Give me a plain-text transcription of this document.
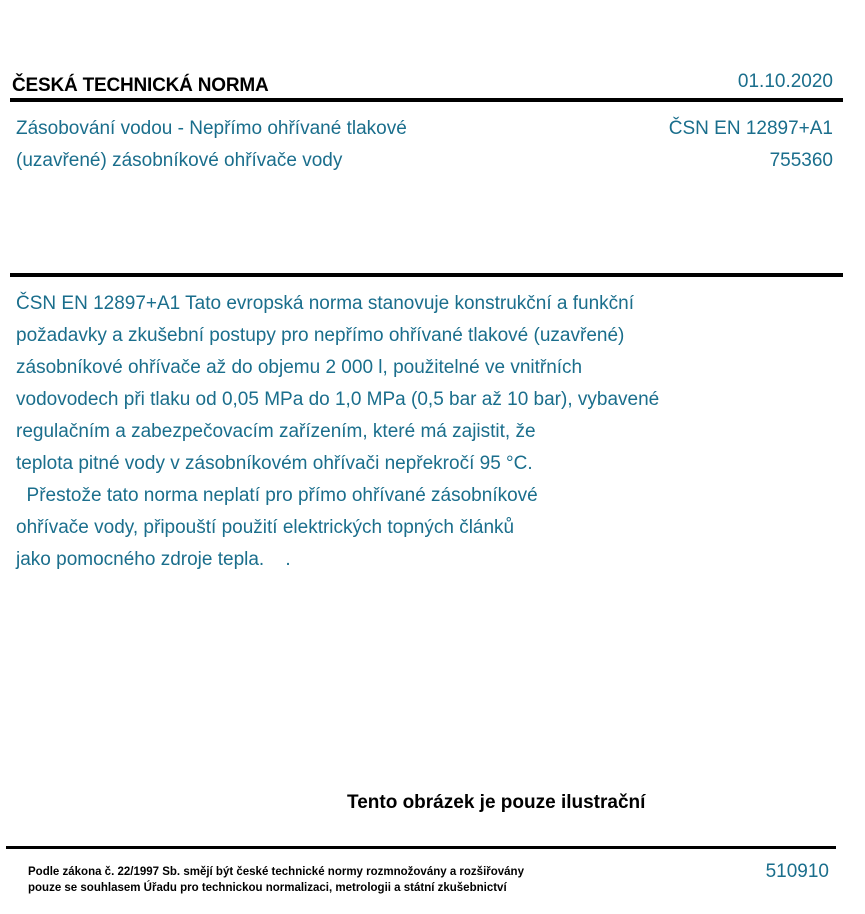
ČESKÁ TECHNICKÁ NORMA	01.10.2020
Zásobování vodou - Nepřímo ohřívané tlakové
(uzavřené) zásobníkové ohřívače vody
ČSN EN 12897+A1
755360

ČSN EN 12897+A1 Tato evropská norma stanovuje konstrukční a funkční

požadavky a zkušební postupy pro nepřímo ohřívané tlakové (uzavřené)

zásobníkové ohřívače až do objemu 2 000 l, použitelné ve vnitřních

vodovodech při tlaku od 0,05 MPa do 1,0 MPa (0,5 bar až 10 bar), vybavené

regulačním a zabezpečovacím zařízením, které má zajistit, že

teplota pitné vody v zásobníkovém ohřívači nepřekročí 95 °C.

Přestože tato norma neplatí pro přímo ohřívané zásobníkové

ohřívače vody, připouští použití elektrických topných článků

jako pomocného zdroje tepla.    .

Tento obrázek je pouze ilustrační
Podle zákona č. 22/1997 Sb. smějí být české technické normy rozmnožovány a rozšiřovány
pouze se souhlasem Úřadu pro technickou normalizaci, metrologii a státní zkušebnictví
510910
